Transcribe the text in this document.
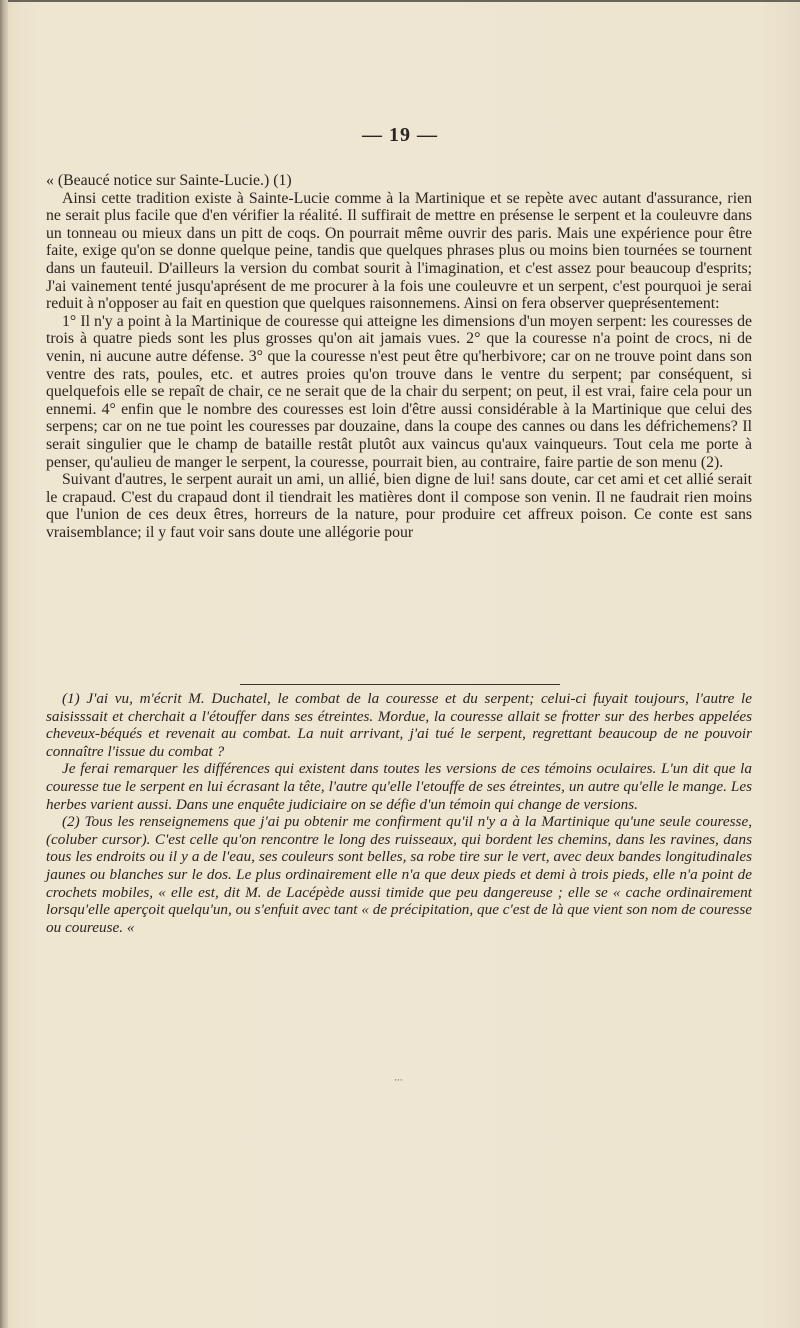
— 19 —

« (Beaucé notice sur Sainte-Lucie.) (1)

Ainsi cette tradition existe à Sainte-Lucie comme à la Martinique et se repète avec autant d'assurance, rien ne serait plus facile que d'en vérifier la réalité. Il suffirait de mettre en présense le serpent et la couleuvre dans un tonneau ou mieux dans un pitt de coqs. On pourrait même ouvrir des paris. Mais une expérience pour être faite, exige qu'on se donne quelque peine, tandis que quelques phrases plus ou moins bien tournées se tournent dans un fauteuil. D'ailleurs la version du combat sourit à l'imagination, et c'est assez pour beaucoup d'esprits; J'ai vainement tenté jusqu'aprésent de me procurer à la fois une couleuvre et un serpent, c'est pourquoi je serai reduit à n'opposer au fait en question que quelques raisonnemens. Ainsi on fera observer queprésentement:

1° Il n'y a point à la Martinique de couresse qui atteigne les dimensions d'un moyen serpent: les couresses de trois à quatre pieds sont les plus grosses qu'on ait jamais vues. 2° que la couresse n'a point de crocs, ni de venin, ni aucune autre défense. 3° que la couresse n'est peut être qu'herbivore; car on ne trouve point dans son ventre des rats, poules, etc. et autres proies qu'on trouve dans le ventre du serpent; par conséquent, si quelquefois elle se repaît de chair, ce ne serait que de la chair du serpent; on peut, il est vrai, faire cela pour un ennemi. 4° enfin que le nombre des couresses est loin d'être aussi considérable à la Martinique que celui des serpens; car on ne tue point les couresses par douzaine, dans la coupe des cannes ou dans les défrichemens? Il serait singulier que le champ de bataille restât plutôt aux vaincus qu'aux vainqueurs. Tout cela me porte à penser, qu'aulieu de manger le serpent, la couresse, pourrait bien, au contraire, faire partie de son menu (2).

Suivant d'autres, le serpent aurait un ami, un allié, bien digne de lui! sans doute, car cet ami et cet allié serait le crapaud. C'est du crapaud dont il tiendrait les matières dont il compose son venin. Il ne faudrait rien moins que l'union de ces deux êtres, horreurs de la nature, pour produire cet affreux poison. Ce conte est sans vraisemblance; il y faut voir sans doute une allégorie pour

(1) J'ai vu, m'écrit M. Duchatel, le combat de la couresse et du serpent; celui-ci fuyait toujours, l'autre le saisisssait et cherchait a l'étouffer dans ses étreintes. Mordue, la couresse allait se frotter sur des herbes appelées cheveux-béqués et revenait au combat. La nuit arrivant, j'ai tué le serpent, regrettant beaucoup de ne pouvoir connaître l'issue du combat ?

Je ferai remarquer les différences qui existent dans toutes les versions de ces témoins oculaires. L'un dit que la couresse tue le serpent en lui écrasant la tête, l'autre qu'elle l'etouffe de ses étreintes, un autre qu'elle le mange. Les herbes varient aussi. Dans une enquête judiciaire on se défie d'un témoin qui change de versions.

(2) Tous les renseignemens que j'ai pu obtenir me confirment qu'il n'y a à la Martinique qu'une seule couresse, (coluber cursor). C'est celle qu'on rencontre le long des ruisseaux, qui bordent les chemins, dans les ravines, dans tous les endroits ou il y a de l'eau, ses couleurs sont belles, sa robe tire sur le vert, avec deux bandes longitudinales jaunes ou blanches sur le dos. Le plus ordinairement elle n'a que deux pieds et demi à trois pieds, elle n'a point de crochets mobiles, « elle est, dit M. de Lacépède aussi timide que peu dangereuse ; elle se « cache ordinairement lorsqu'elle aperçoit quelqu'un, ou s'enfuit avec tant « de précipitation, que c'est de là que vient son nom de couresse ou coureuse. «

···
